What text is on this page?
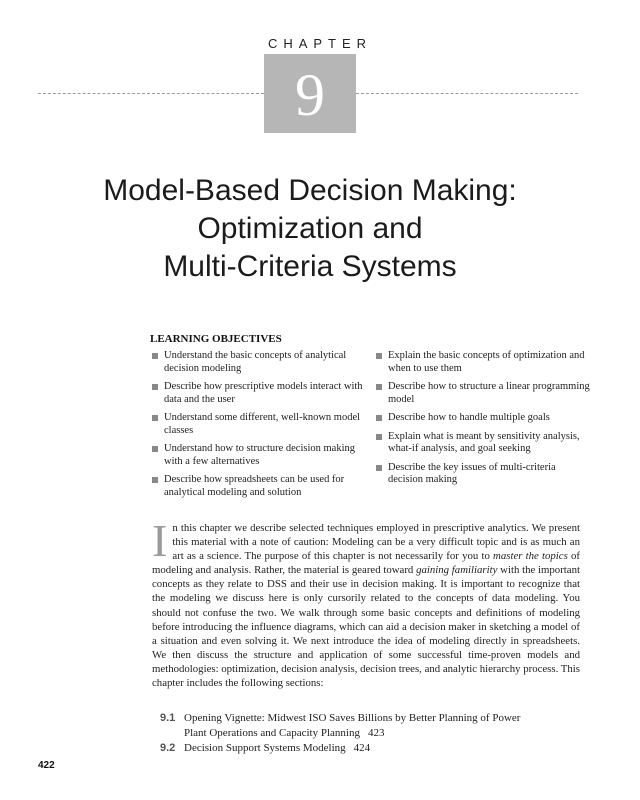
CHAPTER
9
Model-Based Decision Making:
Optimization and
Multi-Criteria Systems
LEARNING OBJECTIVES
Understand the basic concepts of analytical decision modeling
Describe how prescriptive models interact with data and the user
Understand some different, well-known model classes
Understand how to structure decision making with a few alternatives
Describe how spreadsheets can be used for analytical modeling and solution
Explain the basic concepts of optimization and when to use them
Describe how to structure a linear programming model
Describe how to handle multiple goals
Explain what is meant by sensitivity analysis, what-if analysis, and goal seeking
Describe the key issues of multi-criteria decision making
In this chapter we describe selected techniques employed in prescriptive analytics. We present this material with a note of caution: Modeling can be a very difficult topic and is as much an art as a science. The purpose of this chapter is not necessarily for you to master the topics of modeling and analysis. Rather, the material is geared toward gaining familiarity with the important concepts as they relate to DSS and their use in decision making. It is important to recognize that the modeling we discuss here is only cursorily related to the concepts of data modeling. You should not confuse the two. We walk through some basic concepts and definitions of modeling before introducing the influence diagrams, which can aid a decision maker in sketching a model of a situation and even solving it. We next introduce the idea of modeling directly in spreadsheets. We then discuss the structure and application of some successful time-proven models and methodologies: optimization, decision analysis, decision trees, and analytic hierarchy process. This chapter includes the following sections:
9.1 Opening Vignette: Midwest ISO Saves Billions by Better Planning of Power
Plant Operations and Capacity Planning 423
9.2 Decision Support Systems Modeling 424
422
